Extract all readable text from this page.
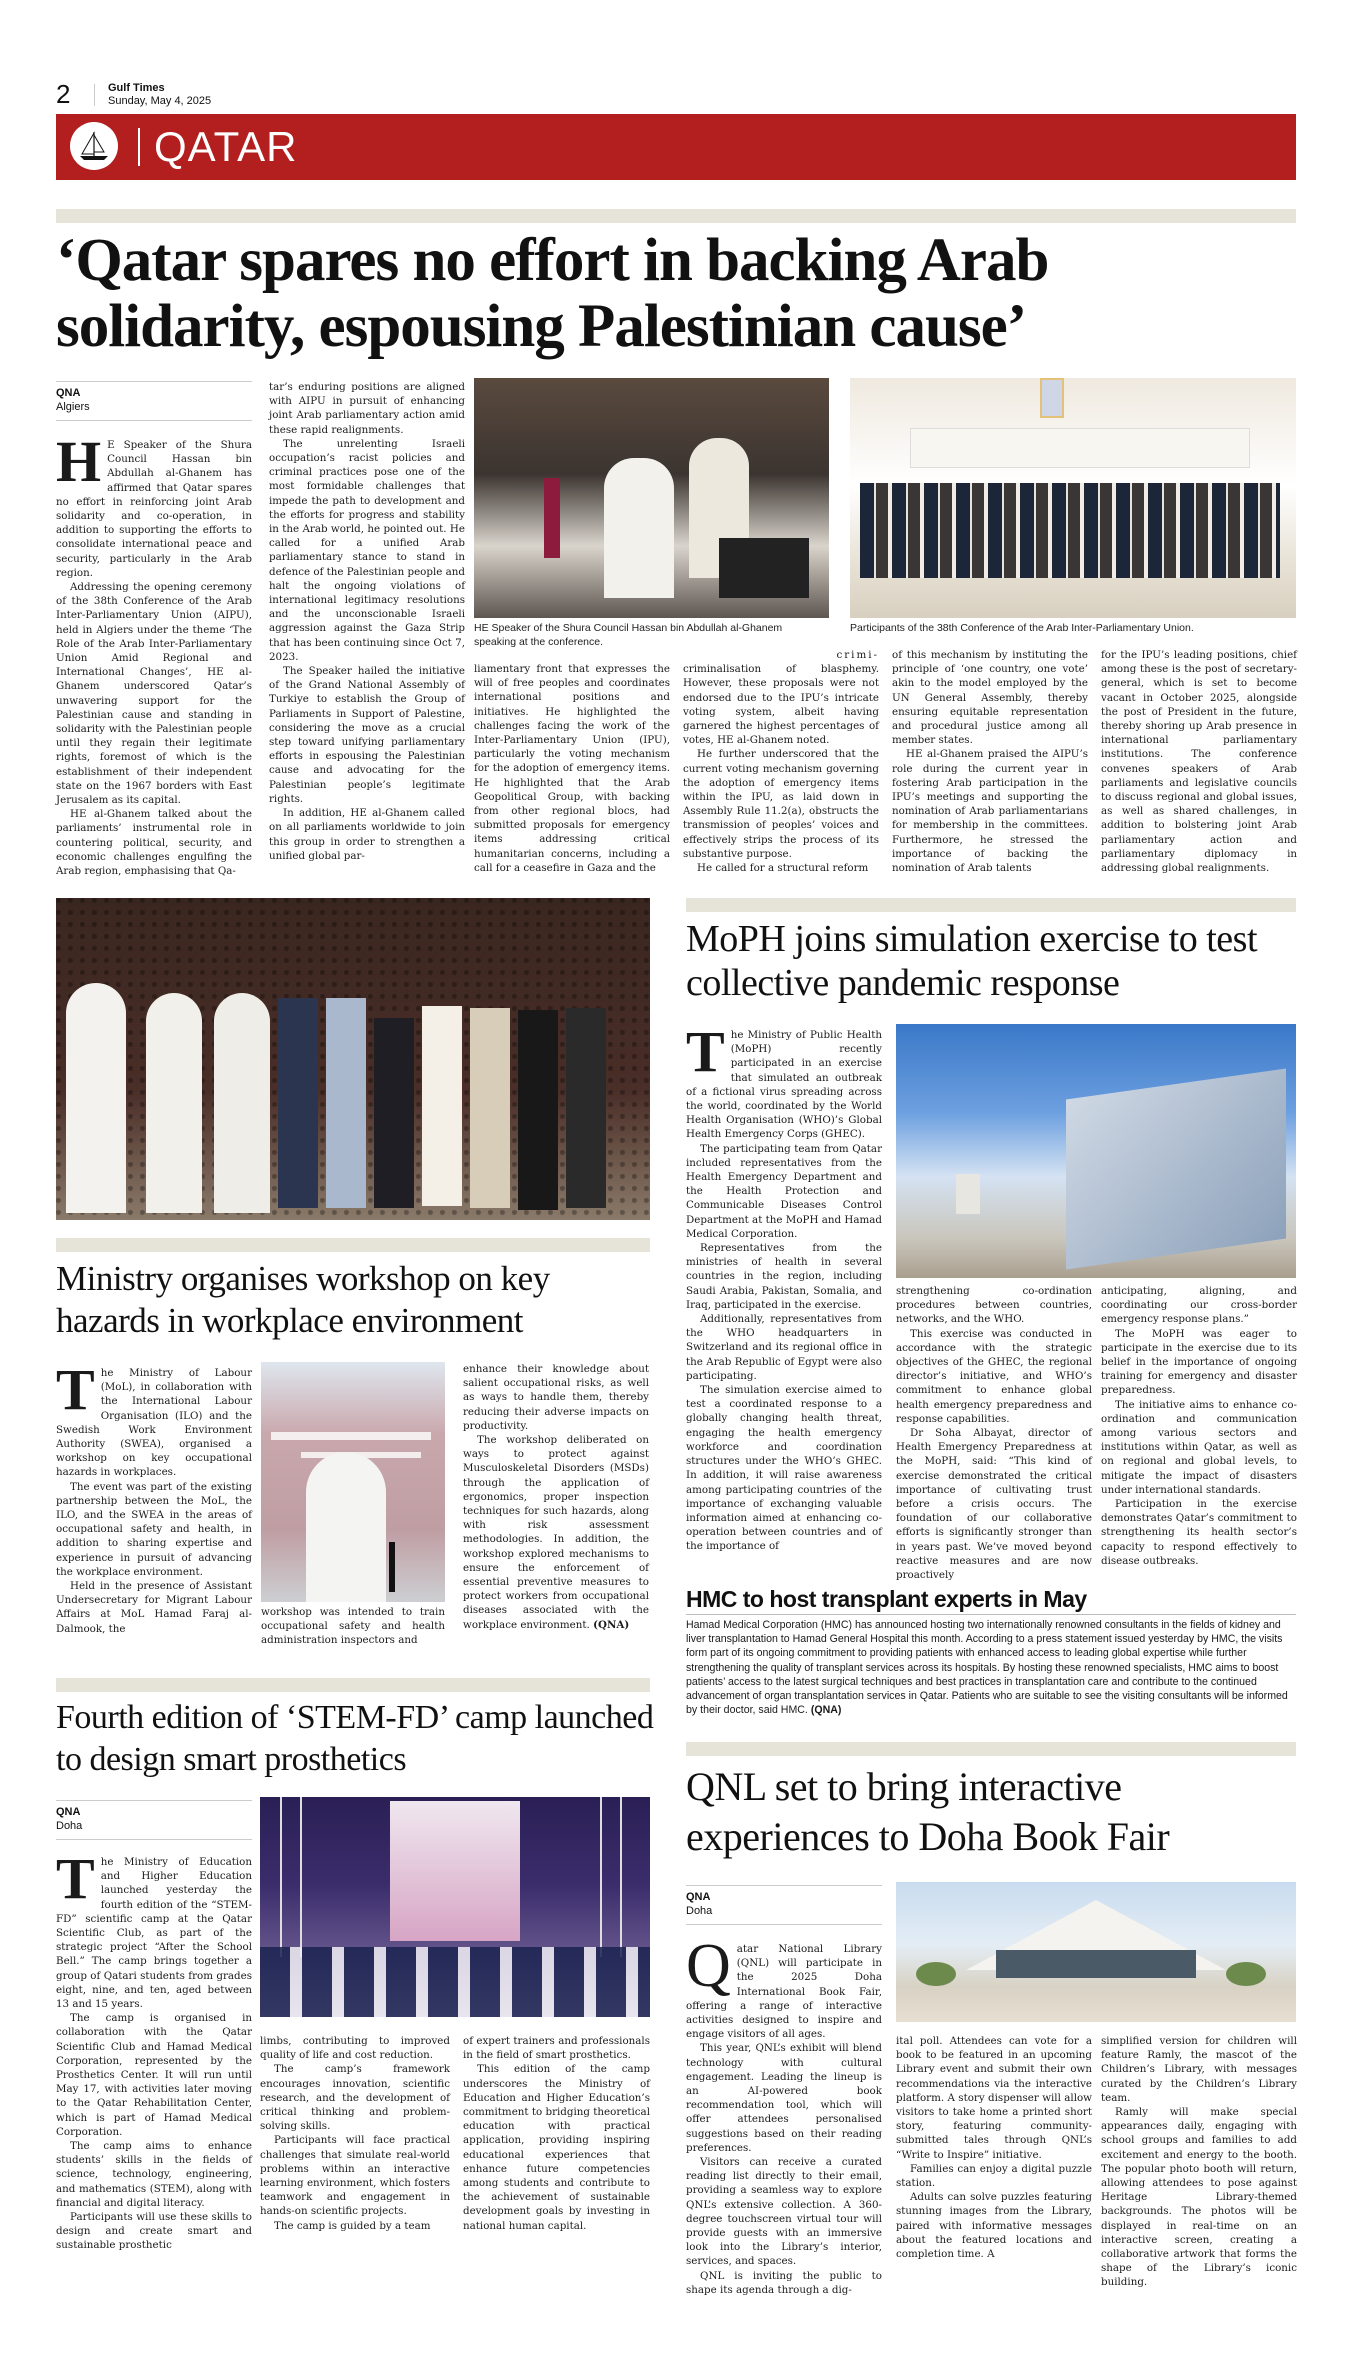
2	Gulf Times
Sunday, May 4, 2025
QATAR
‘Qatar spares no effort in backing Arab solidarity, espousing Palestinian cause’
QNA
Algiers

H E Speaker of the Shura Council Hassan bin Abdullah al-Ghanem has affirmed that Qatar spares no effort in reinforcing joint Arab solidarity and co-operation, in addition to supporting the efforts to consolidate international peace and security, particularly in the Arab region.

Addressing the opening ceremony of the 38th Conference of the Arab Inter-Parliamentary Union (AIPU), held in Algiers under the theme ‘The Role of the Arab Inter-Parliamentary Union Amid Regional and International Changes’, HE al-Ghanem underscored Qatar’s unwavering support for the Palestinian cause and standing in solidarity with the Palestinian people until they regain their legitimate rights, foremost of which is the establishment of their independent state on the 1967 borders with East Jerusalem as its capital.

HE al-Ghanem talked about the parliaments’ instrumental role in countering political, security, and economic challenges engulfing the Arab region, emphasising that Qa-

tar’s enduring positions are aligned with AIPU in pursuit of enhancing joint Arab parliamentary action amid these rapid realignments.

The unrelenting Israeli occupation’s racist policies and criminal practices pose one of the most formidable challenges that impede the path to development and the efforts for progress and stability in the Arab world, he pointed out. He called for a unified Arab parliamentary stance to stand in defence of the Palestinian people and halt the ongoing violations of international legitimacy resolutions and the unconscionable Israeli aggression against the Gaza Strip that has been continuing since Oct 7, 2023.

The Speaker hailed the initiative of the Grand National Assembly of Turkiye to establish the Group of Parliaments in Support of Palestine, considering the move as a crucial step toward unifying parliamentary efforts in espousing the Palestinian cause and advocating for the Palestinian people’s legitimate rights.

In addition, HE al-Ghanem called on all parliaments worldwide to join this group in order to strengthen a unified global par-

HE Speaker of the Shura Council Hassan bin Abdullah al-Ghanem speaking at the conference.
Participants of the 38th Conference of the Arab Inter-Parliamentary Union.

liamentary front that expresses the will of free peoples and coordinates international positions and initiatives. He highlighted the challenges facing the work of the Inter-Parliamentary Union (IPU), particularly the voting mechanism for the adoption of emergency items. He highlighted that the Arab Geopolitical Group, with backing from other regional blocs, had submitted proposals for emergency items addressing critical humanitarian concerns, including a call for a ceasefire in Gaza and the

crimi-

criminalisation of blasphemy. However, these proposals were not endorsed due to the IPU’s intricate voting system, albeit having garnered the highest percentages of votes, HE al-Ghanem noted.

He further underscored that the current voting mechanism governing the adoption of emergency items within the IPU, as laid down in Assembly Rule 11.2(a), obstructs the transmission of peoples’ voices and effectively strips the process of its substantive purpose.

He called for a structural reform

of this mechanism by instituting the principle of ‘one country, one vote’ akin to the model employed by the UN General Assembly, thereby ensuring equitable representation and procedural justice among all member states.

HE al-Ghanem praised the AIPU’s role during the current year in fostering Arab participation in the IPU’s meetings and supporting the nomination of Arab parliamentarians for membership in the committees. Furthermore, he stressed the importance of backing the nomination of Arab talents

for the IPU’s leading positions, chief among these is the post of secretary-general, which is set to become vacant in October 2025, alongside the post of President in the future, thereby shoring up Arab presence in international parliamentary institutions. The conference convenes speakers of Arab parliaments and legislative councils to discuss regional and global issues, as well as shared challenges, in addition to bolstering joint Arab parliamentary action and parliamentary diplomacy in addressing global realignments.

MoPH joins simulation exercise to test collective pandemic response

The Ministry of Public Health (MoPH) recently participated in an exercise that simulated an outbreak of a fictional virus spreading across the world, coordinated by the World Health Organisation (WHO)’s Global Health Emergency Corps (GHEC).

The participating team from Qatar included representatives from the Health Emergency Department and the Health Protection and Communicable Diseases Control Department at the MoPH and Hamad Medical Corporation.

Representatives from the ministries of health in several countries in the region, including Saudi Arabia, Pakistan, Somalia, and Iraq, participated in the exercise.

Additionally, representatives from the WHO headquarters in Switzerland and its regional office in the Arab Republic of Egypt were also participating.

The simulation exercise aimed to test a coordinated response to a globally changing health threat, engaging the health emergency workforce and coordination structures under the WHO’s GHEC. In addition, it will raise awareness among participating countries of the importance of exchanging valuable information aimed at enhancing co-operation between countries and of the importance of

strengthening co-ordination procedures between countries, networks, and the WHO.

This exercise was conducted in accordance with the strategic objectives of the GHEC, the regional director’s initiative, and WHO’s commitment to enhance global health emergency preparedness and response capabilities.

Dr Soha Albayat, director of Health Emergency Preparedness at the MoPH, said: “This kind of exercise demonstrated the critical importance of cultivating trust before a crisis occurs. The foundation of our collaborative efforts is significantly stronger than in years past. We’ve moved beyond reactive measures and are now proactively

anticipating, aligning, and coordinating our cross-border emergency response plans.”

The MoPH was eager to participate in the exercise due to its belief in the importance of ongoing training for emergency and disaster preparedness.

The initiative aims to enhance co-ordination and communication among various sectors and institutions within Qatar, as well as on regional and global levels, to mitigate the impact of disasters under international standards.

Participation in the exercise demonstrates Qatar’s commitment to strengthening its health sector’s capacity to respond effectively to disease outbreaks.

HMC to host transplant experts in May

Hamad Medical Corporation (HMC) has announced hosting two internationally renowned consultants in the fields of kidney and liver transplantation to Hamad General Hospital this month. According to a press statement issued yesterday by HMC, the visits form part of its ongoing commitment to providing patients with enhanced access to leading global expertise while further strengthening the quality of transplant services across its hospitals. By hosting these renowned specialists, HMC aims to boost patients’ access to the latest surgical techniques and best practices in transplantation care and contribute to the continued advancement of organ transplantation services in Qatar. Patients who are suitable to see the visiting consultants will be informed by their doctor, said HMC. (QNA)

Ministry organises workshop on key hazards in workplace environment

The Ministry of Labour (MoL), in collaboration with the International Labour Organisation (ILO) and the Swedish Work Environment Authority (SWEA), organised a workshop on key occupational hazards in workplaces.

The event was part of the existing partnership between the MoL, the ILO, and the SWEA in the areas of occupational safety and health, in addition to sharing expertise and experience in pursuit of advancing the workplace environment.

Held in the presence of Assistant Undersecretary for Migrant Labour Affairs at MoL Hamad Faraj al-Dalmook, the

workshop was intended to train occupational safety and health administration inspectors and

enhance their knowledge about salient occupational risks, as well as ways to handle them, thereby reducing their adverse impacts on productivity.

The workshop deliberated on ways to protect against Musculoskeletal Disorders (MSDs) through the application of ergonomics, proper inspection techniques for such hazards, along with risk assessment methodologies. In addition, the workshop explored mechanisms to ensure the enforcement of essential preventive measures to protect workers from occupational diseases associated with the workplace environment. (QNA)

Fourth edition of ‘STEM-FD’ camp launched to design smart prosthetics
QNA
Doha

The Ministry of Education and Higher Education launched yesterday the fourth edition of the “STEM-FD” scientific camp at the Qatar Scientific Club, as part of the strategic project “After the School Bell.” The camp brings together a group of Qatari students from grades eight, nine, and ten, aged between 13 and 15 years.

The camp is organised in collaboration with the Qatar Scientific Club and Hamad Medical Corporation, represented by the Prosthetics Center. It will run until May 17, with activities later moving to the Qatar Rehabilitation Center, which is part of Hamad Medical Corporation.

The camp aims to enhance students’ skills in the fields of science, technology, engineering, and mathematics (STEM), along with financial and digital literacy.

Participants will use these skills to design and create smart and sustainable prosthetic

limbs, contributing to improved quality of life and cost reduction.

The camp’s framework encourages innovation, scientific research, and the development of critical thinking and problem-solving skills.

Participants will face practical challenges that simulate real-world problems within an interactive learning environment, which fosters teamwork and engagement in hands-on scientific projects.

The camp is guided by a team

of expert trainers and professionals in the field of smart prosthetics.

This edition of the camp underscores the Ministry of Education and Higher Education’s commitment to bridging theoretical education with practical application, providing inspiring educational experiences that enhance future competencies among students and contribute to the achievement of sustainable development goals by investing in national human capital.

QNL set to bring interactive experiences to Doha Book Fair
QNA
Doha

Qatar National Library (QNL) will participate in the 2025 Doha International Book Fair, offering a range of interactive activities designed to inspire and engage visitors of all ages.

This year, QNL’s exhibit will blend technology with cultural engagement. Leading the lineup is an AI-powered book recommendation tool, which will offer attendees personalised suggestions based on their reading preferences.

Visitors can receive a curated reading list directly to their email, providing a seamless way to explore QNL’s extensive collection. A 360-degree touchscreen virtual tour will provide guests with an immersive look into the Library’s interior, services, and spaces.

QNL is inviting the public to shape its agenda through a dig-

ital poll. Attendees can vote for a book to be featured in an upcoming Library event and submit their own recommendations via the interactive platform. A story dispenser will allow visitors to take home a printed short story, featuring community-submitted tales through QNL’s “Write to Inspire” initiative.

Families can enjoy a digital puzzle station.

Adults can solve puzzles featuring stunning images from the Library, paired with informative messages about the featured locations and completion time. A

simplified version for children will feature Ramly, the mascot of the Children’s Library, with messages curated by the Children’s Library team.

Ramly will make special appearances daily, engaging with school groups and families to add excitement and energy to the booth. The popular photo booth will return, allowing attendees to pose against Heritage Library-themed backgrounds. The photos will be displayed in real-time on an interactive screen, creating a collaborative artwork that forms the shape of the Library’s iconic building.
